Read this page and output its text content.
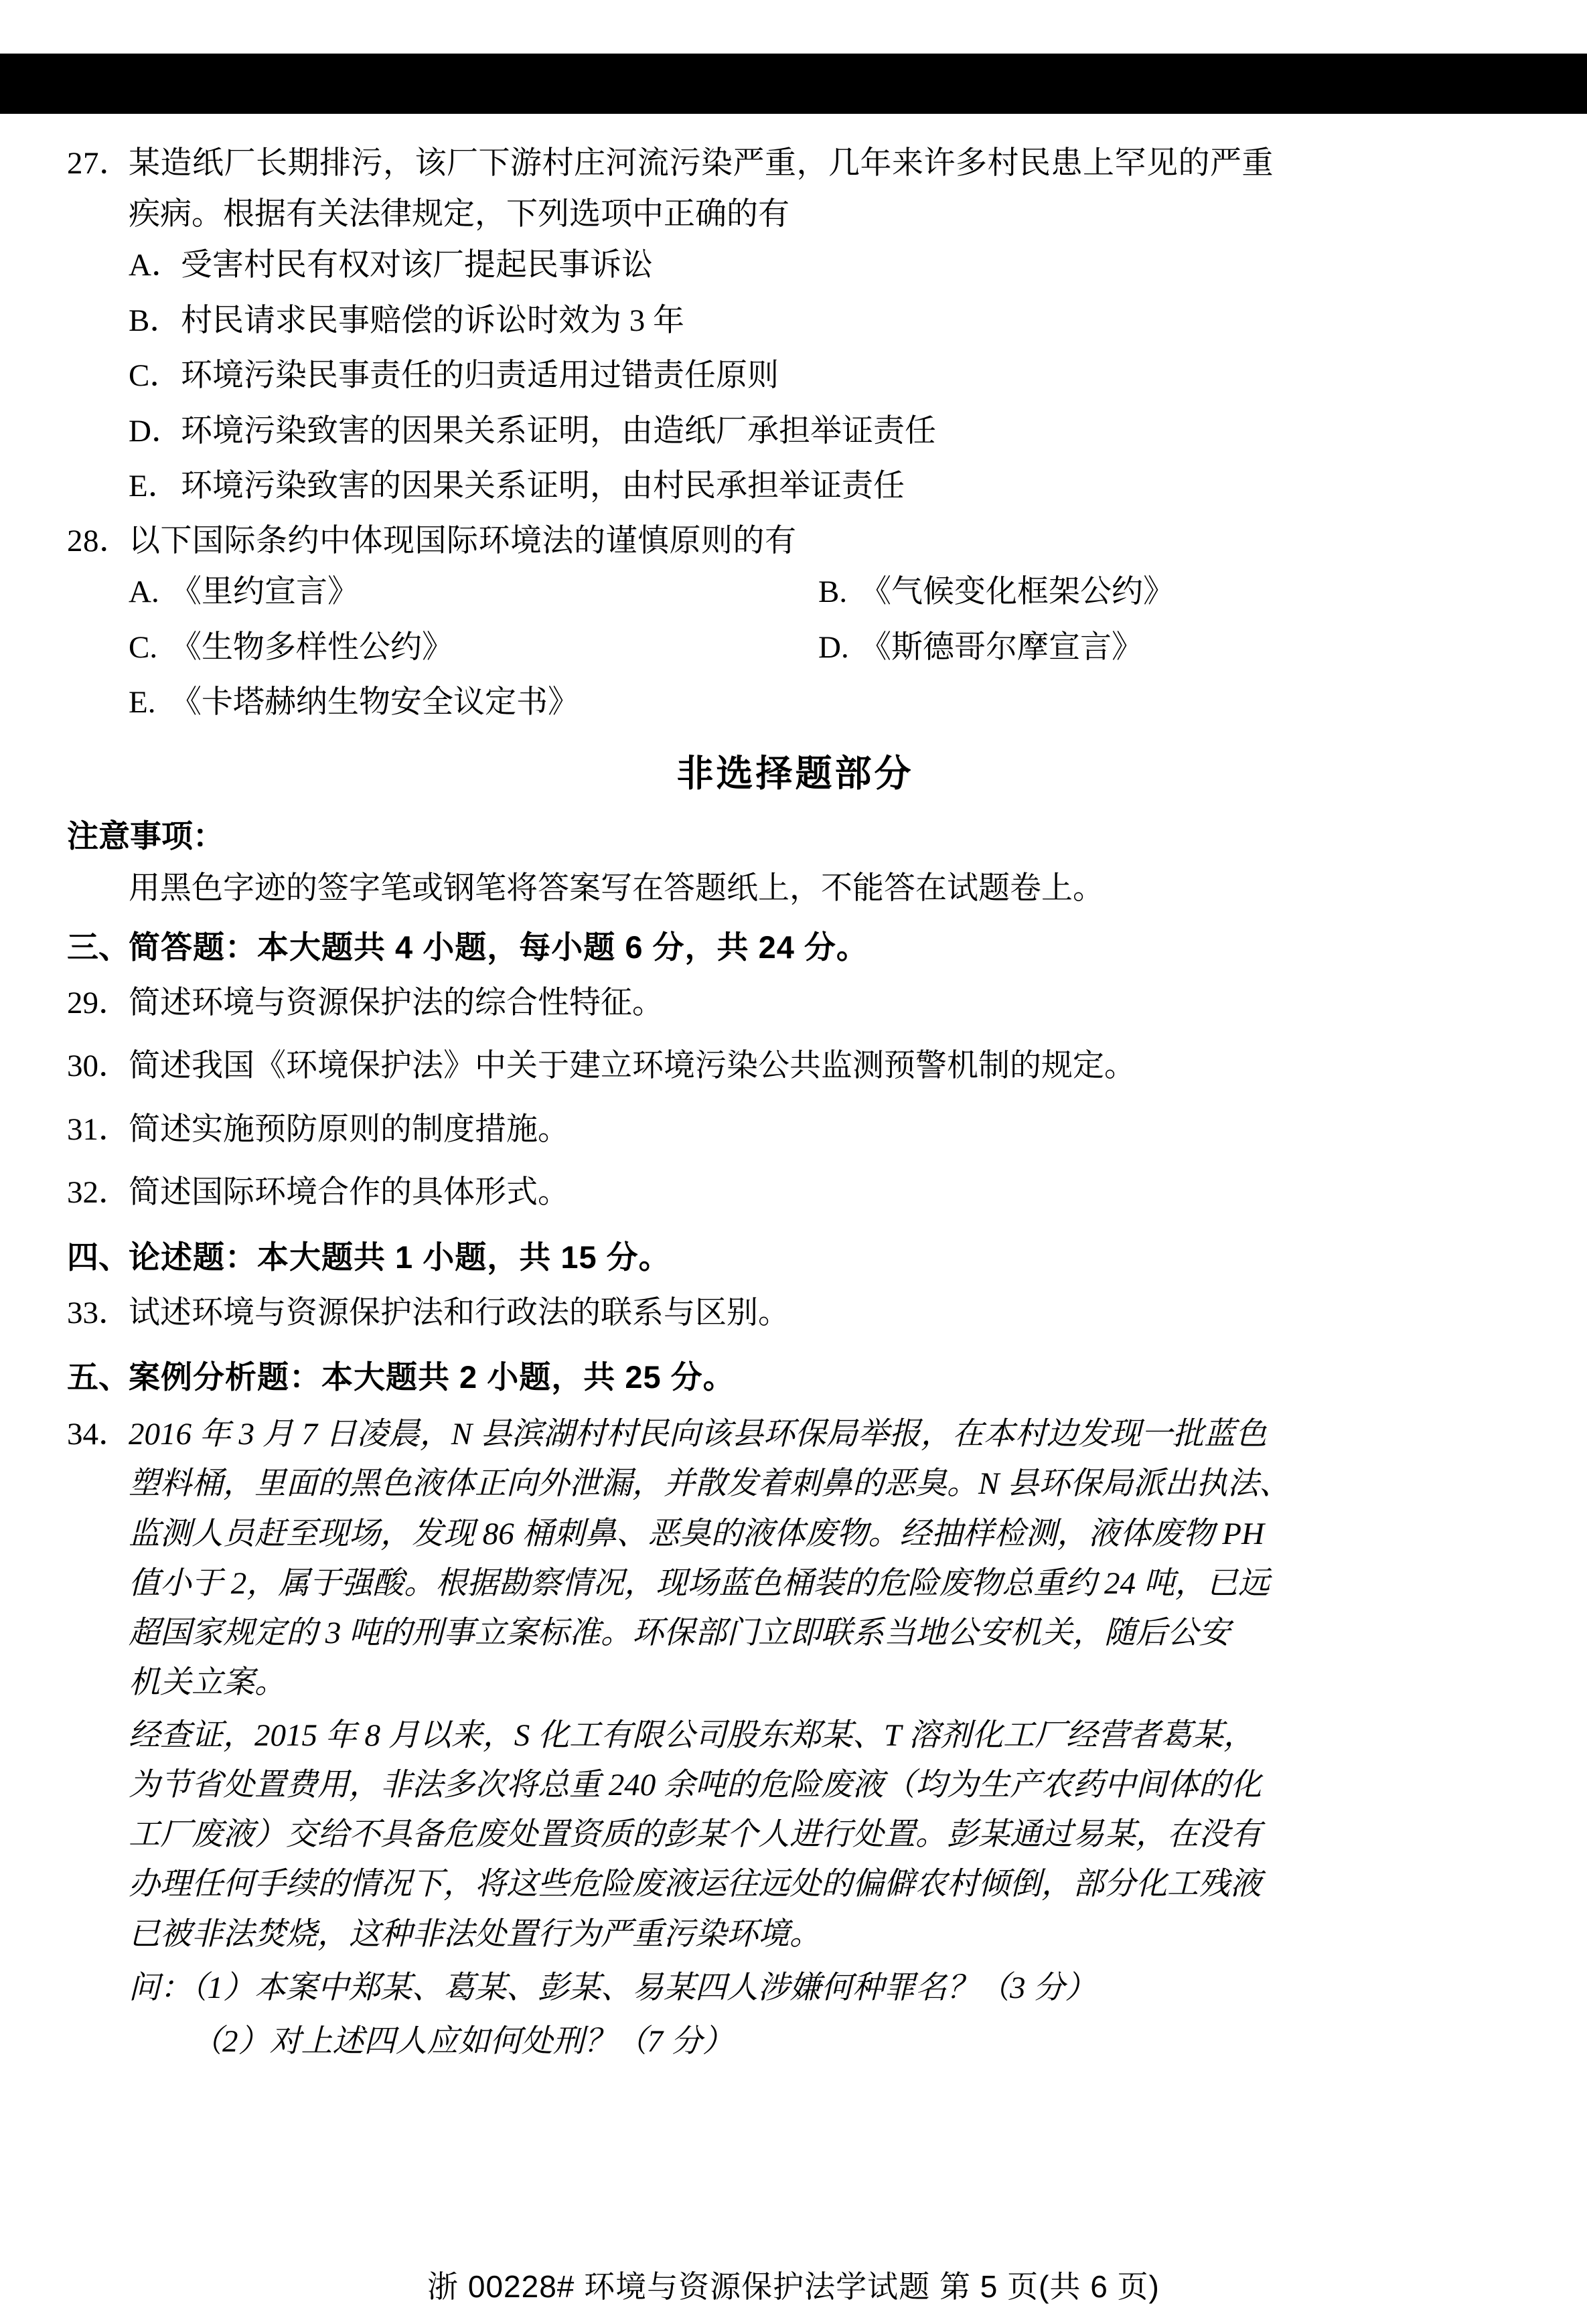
27．
某造纸厂长期排污，该厂下游村庄河流污染严重，几年来许多村民患上罕见的严重
疾病。根据有关法律规定，下列选项中正确的有
A．
受害村民有权对该厂提起民事诉讼
B． 村民请求民事赔偿的诉讼时效为 3 年
C． 环境污染民事责任的归责适用过错责任原则
D．
环境污染致害的因果关系证明，由造纸厂承担举证责任
E． 环境污染致害的因果关系证明，由村民承担举证责任
28．
以下国际条约中体现国际环境法的谨慎原则的有
A. 《里约宣言》	B. 《气候变化框架公约》
C. 《生物多样性公约》	D. 《斯德哥尔摩宣言》
E. 《卡塔赫纳生物安全议定书》
非选择题部分
注意事项：
用黑色字迹的签字笔或钢笔将答案写在答题纸上，不能答在试题卷上。
三、
简答题：本大题共 4 小题，每小题 6 分，共 24 分。
29．
简述环境与资源保护法的综合性特征。
30．
简述我国《环境保护法》中关于建立环境污染公共监测预警机制的规定。
31．
简述实施预防原则的制度措施。
32．
简述国际环境合作的具体形式。
四、
论述题：本大题共 1 小题，共 15 分。
33．
试述环境与资源保护法和行政法的联系与区别。
五、
案例分析题：本大题共 2 小题，共 25 分。
34．
2016 年 3 月 7 日凌晨，N 县滨湖村村民向该县环保局举报，在本村边发现一批蓝色
塑料桶，里面的黑色液体正向外泄漏，并散发着刺鼻的恶臭。N 县环保局派出执法、
监测人员赶至现场，发现 86 桶刺鼻、恶臭的液体废物。经抽样检测，液体废物 PH
值小于 2，属于强酸。根据勘察情况，现场蓝色桶装的危险废物总重约 24 吨，已远
超国家规定的 3 吨的刑事立案标准。环保部门立即联系当地公安机关，随后公安
机关立案。
经查证，2015 年 8 月以来，S 化工有限公司股东郑某、T 溶剂化工厂经营者葛某，
为节省处置费用，非法多次将总重 240 余吨的危险废液（均为生产农药中间体的化
工厂废液）交给不具备危废处置资质的彭某个人进行处置。彭某通过易某，在没有
办理任何手续的情况下，将这些危险废液运往远处的偏僻农村倾倒，部分化工残液
已被非法焚烧，这种非法处置行为严重污染环境。
问：（1）本案中郑某、葛某、彭某、易某四人涉嫌何种罪名？（3 分）
（2）对上述四人应如何处刑？（7 分）
浙 00228# 环境与资源保护法学试题 第 5 页(共 6 页)
